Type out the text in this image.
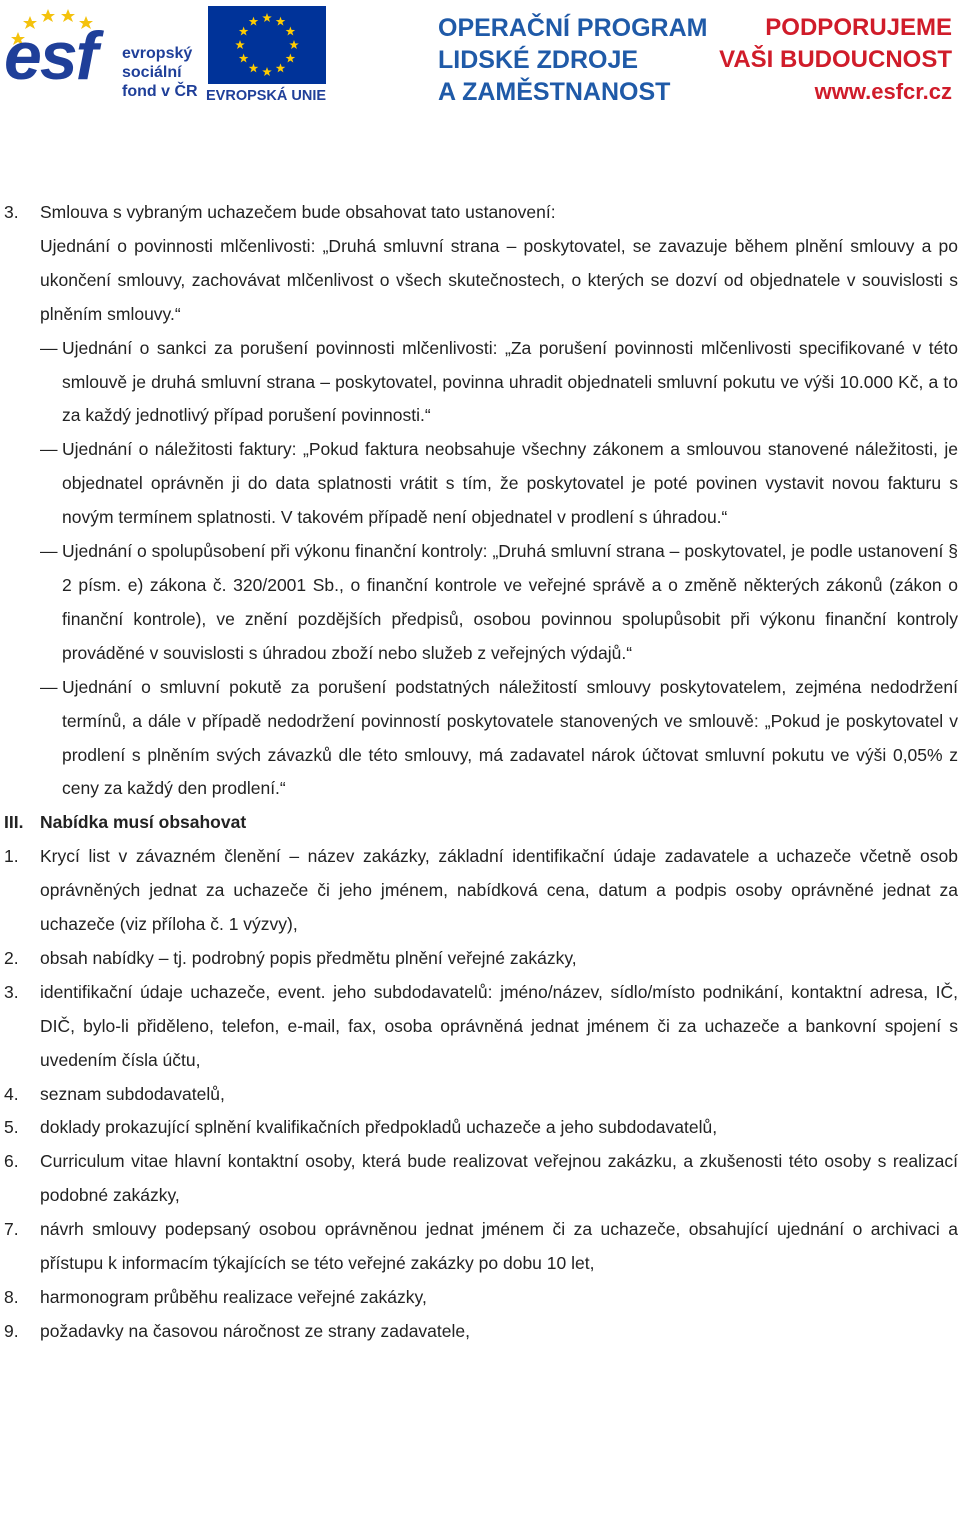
esf evropský
sociální
fond v ČR EVROPSKÁ UNIE
OPERAČNÍ PROGRAM
LIDSKÉ ZDROJE
A ZAMĚSTNANOST
PODPORUJEME
VAŠI BUDOUCNOST
www.esfcr.cz
3. Smlouva s vybraným uchazečem bude obsahovat tato ustanovení:
Ujednání o povinnosti mlčenlivosti: „Druhá smluvní strana – poskytovatel, se zavazuje během plnění smlouvy a po ukončení smlouvy, zachovávat mlčenlivost o všech skutečnostech, o kterých se dozví od objednatele v souvislosti s plněním smlouvy.“
— Ujednání o sankci za porušení povinnosti mlčenlivosti: „Za porušení povinnosti mlčenlivosti specifikované v této smlouvě je druhá smluvní strana – poskytovatel, povinna uhradit objednateli smluvní pokutu ve výši 10.000 Kč, a to za každý jednotlivý případ porušení povinnosti.“
— Ujednání o náležitosti faktury: „Pokud faktura neobsahuje všechny zákonem a smlouvou stanovené náležitosti, je objednatel oprávněn ji do data splatnosti vrátit s tím, že poskytovatel je poté povinen vystavit novou fakturu s novým termínem splatnosti. V takovém případě není objednatel v prodlení s úhradou.“
— Ujednání o spolupůsobení při výkonu finanční kontroly: „Druhá smluvní strana – poskytovatel, je podle ustanovení § 2 písm. e) zákona č. 320/2001 Sb., o finanční kontrole ve veřejné správě a o změně některých zákonů (zákon o finanční kontrole), ve znění pozdějších předpisů, osobou povinnou spolupůsobit při výkonu finanční kontroly prováděné v souvislosti s úhradou zboží nebo služeb z veřejných výdajů.“
— Ujednání o smluvní pokutě za porušení podstatných náležitostí smlouvy poskytovatelem, zejména nedodržení termínů, a dále v případě nedodržení povinností poskytovatele stanovených ve smlouvě: „Pokud je poskytovatel v prodlení s plněním svých závazků dle této smlouvy, má zadavatel nárok účtovat smluvní pokutu ve výši 0,05% z ceny za každý den prodlení.“
III. Nabídka musí obsahovat
1. Krycí list v závazném členění – název zakázky, základní identifikační údaje zadavatele a uchazeče včetně osob oprávněných jednat za uchazeče či jeho jménem, nabídková cena, datum a podpis osoby oprávněné jednat za uchazeče (viz příloha č. 1 výzvy),
2. obsah nabídky – tj. podrobný popis předmětu plnění veřejné zakázky,
3. identifikační údaje uchazeče, event. jeho subdodavatelů: jméno/název, sídlo/místo podnikání, kontaktní adresa, IČ, DIČ, bylo-li přiděleno, telefon, e-mail, fax, osoba oprávněná jednat jménem či za uchazeče a bankovní spojení s uvedením čísla účtu,
4. seznam subdodavatelů,
5. doklady prokazující splnění kvalifikačních předpokladů uchazeče a jeho subdodavatelů,
6. Curriculum vitae hlavní kontaktní osoby, která bude realizovat veřejnou zakázku, a zkušenosti této osoby s realizací podobné zakázky,
7. návrh smlouvy podepsaný osobou oprávněnou jednat jménem či za uchazeče, obsahující ujednání o archivaci a přístupu k informacím týkajících se této veřejné zakázky po dobu 10 let,
8. harmonogram průběhu realizace veřejné zakázky,
9. požadavky na časovou náročnost ze strany zadavatele,
